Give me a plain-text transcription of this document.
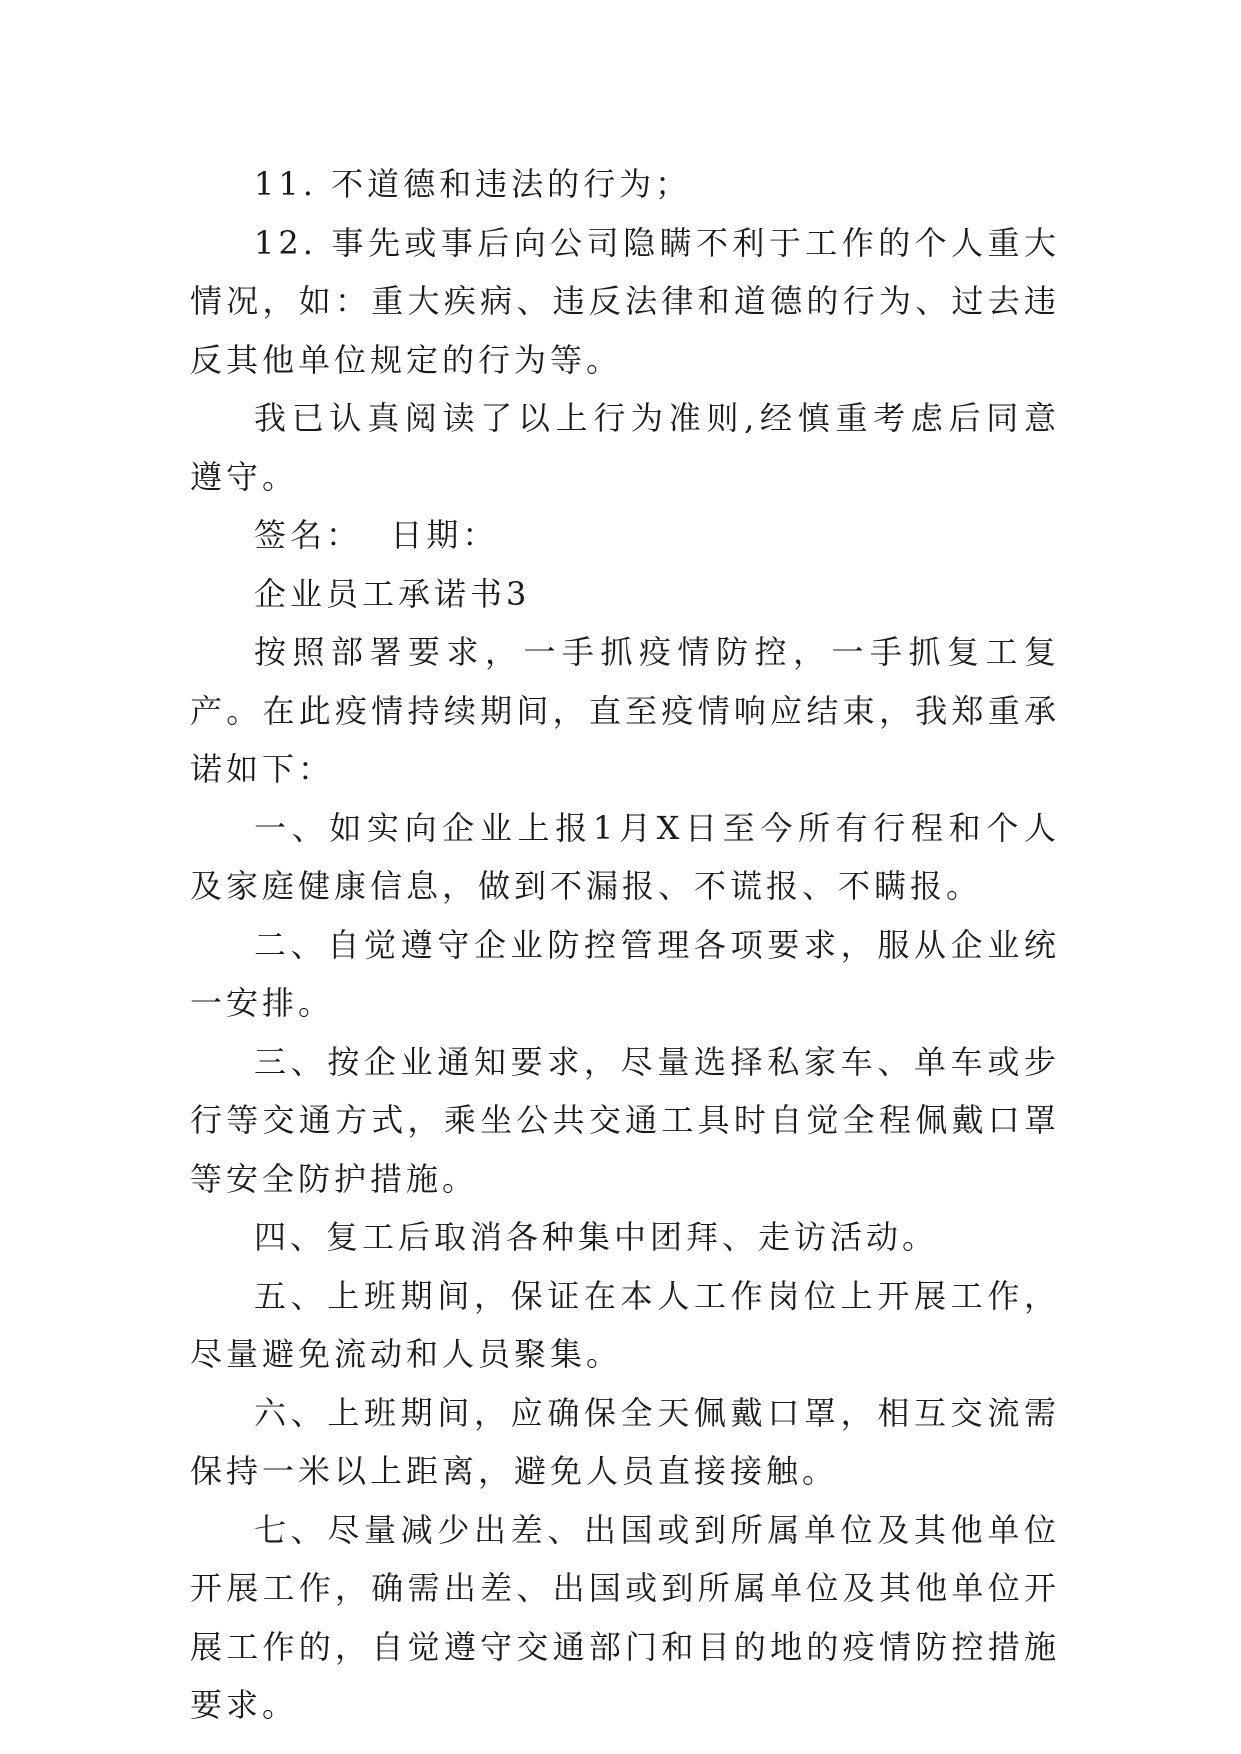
11. 不道德和违法的行为；

12. 事先或事后向公司隐瞒不利于工作的个人重大情况，如：重大疾病、违反法律和道德的行为、过去违反其他单位规定的行为等。

我已认真阅读了以上行为准则,经慎重考虑后同意遵守。

签名：  日期：

企业员工承诺书3

按照部署要求，一手抓疫情防控，一手抓复工复产。在此疫情持续期间，直至疫情响应结束，我郑重承诺如下：

一、如实向企业上报1月X日至今所有行程和个人及家庭健康信息，做到不漏报、不谎报、不瞒报。

二、自觉遵守企业防控管理各项要求，服从企业统一安排。

三、按企业通知要求，尽量选择私家车、单车或步行等交通方式，乘坐公共交通工具时自觉全程佩戴口罩等安全防护措施。

四、复工后取消各种集中团拜、走访活动。

五、上班期间，保证在本人工作岗位上开展工作，尽量避免流动和人员聚集。

六、上班期间，应确保全天佩戴口罩，相互交流需保持一米以上距离，避免人员直接接触。

七、尽量减少出差、出国或到所属单位及其他单位开展工作，确需出差、出国或到所属单位及其他单位开展工作的，自觉遵守交通部门和目的地的疫情防控措施要求。
